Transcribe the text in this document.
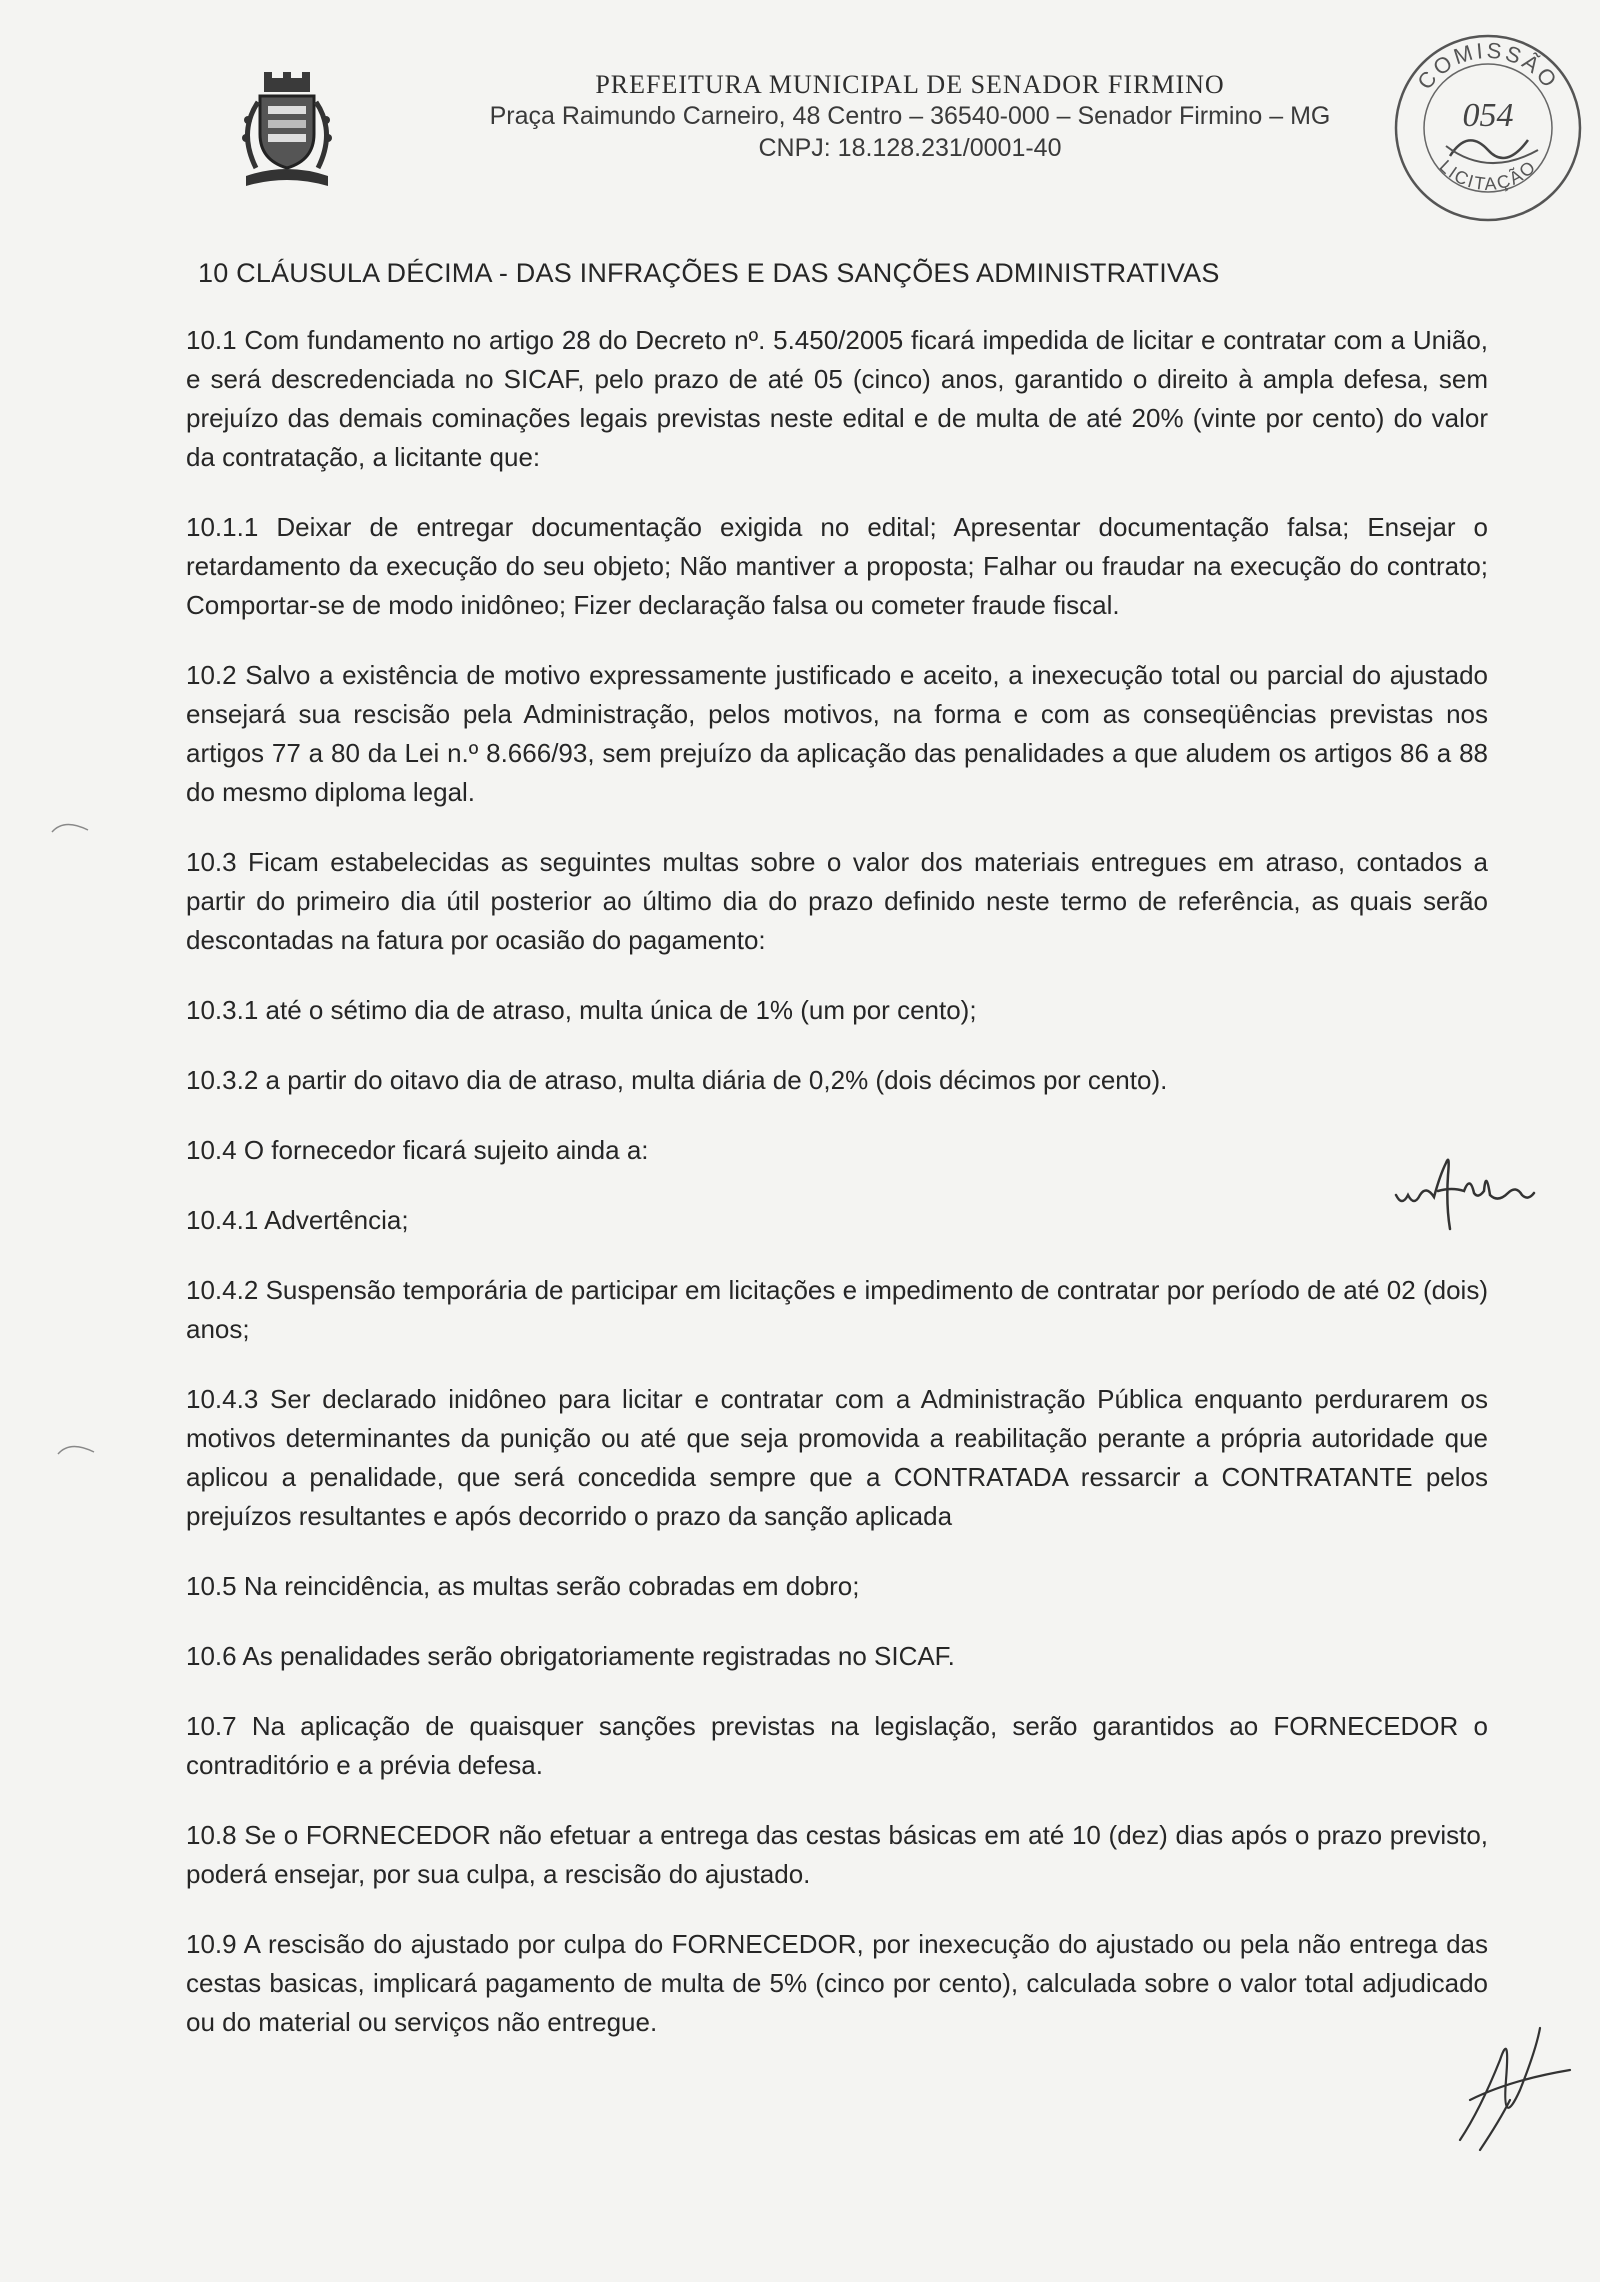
PREFEITURA MUNICIPAL DE SENADOR FIRMINO
Praça Raimundo Carneiro, 48 Centro – 36540-000 – Senador Firmino – MG
CNPJ: 18.128.231/0001-40
COMISSÃO
LICITAÇÃO
054
10 CLÁUSULA DÉCIMA - DAS INFRAÇÕES E DAS SANÇÕES ADMINISTRATIVAS

10.1 Com fundamento no artigo 28 do Decreto nº. 5.450/2005 ficará impedida de licitar e contratar com a União, e será descredenciada no SICAF, pelo prazo de até 05 (cinco) anos, garantido o direito à ampla defesa, sem prejuízo das demais cominações legais previstas neste edital e de multa de até 20% (vinte por cento) do valor da contratação, a licitante que:

10.1.1 Deixar de entregar documentação exigida no edital; Apresentar documentação falsa; Ensejar o retardamento da execução do seu objeto; Não mantiver a proposta; Falhar ou fraudar na execução do contrato; Comportar-se de modo inidôneo; Fizer declaração falsa ou cometer fraude fiscal.

10.2 Salvo a existência de motivo expressamente justificado e aceito, a inexecução total ou parcial do ajustado ensejará sua rescisão pela Administração, pelos motivos, na forma e com as conseqüências previstas nos artigos 77 a 80 da Lei n.º 8.666/93, sem prejuízo da aplicação das penalidades a que aludem os artigos 86 a 88 do mesmo diploma legal.

10.3 Ficam estabelecidas as seguintes multas sobre o valor dos materiais entregues em atraso, contados a partir do primeiro dia útil posterior ao último dia do prazo definido neste termo de referência, as quais serão descontadas na fatura por ocasião do pagamento:

10.3.1 até o sétimo dia de atraso, multa única de 1% (um por cento);

10.3.2 a partir do oitavo dia de atraso, multa diária de 0,2% (dois décimos por cento).

10.4 O fornecedor ficará sujeito ainda a:

10.4.1 Advertência;

10.4.2 Suspensão temporária de participar em licitações e impedimento de contratar por período de até 02 (dois) anos;

10.4.3 Ser declarado inidôneo para licitar e contratar com a Administração Pública enquanto perdurarem os motivos determinantes da punição ou até que seja promovida a reabilitação perante a própria autoridade que aplicou a penalidade, que será concedida sempre que a CONTRATADA ressarcir a CONTRATANTE pelos prejuízos resultantes e após decorrido o prazo da sanção aplicada

10.5 Na reincidência, as multas serão cobradas em dobro;

10.6 As penalidades serão obrigatoriamente registradas no SICAF.

10.7 Na aplicação de quaisquer sanções previstas na legislação, serão garantidos ao FORNECEDOR o contraditório e a prévia defesa.

10.8 Se o FORNECEDOR não efetuar a entrega das cestas básicas em até 10 (dez) dias após o prazo previsto, poderá ensejar, por sua culpa, a rescisão do ajustado.

10.9 A rescisão do ajustado por culpa do FORNECEDOR, por inexecução do ajustado ou pela não entrega das cestas basicas, implicará pagamento de multa de 5% (cinco por cento), calculada sobre o valor total adjudicado ou do material ou serviços não entregue.
